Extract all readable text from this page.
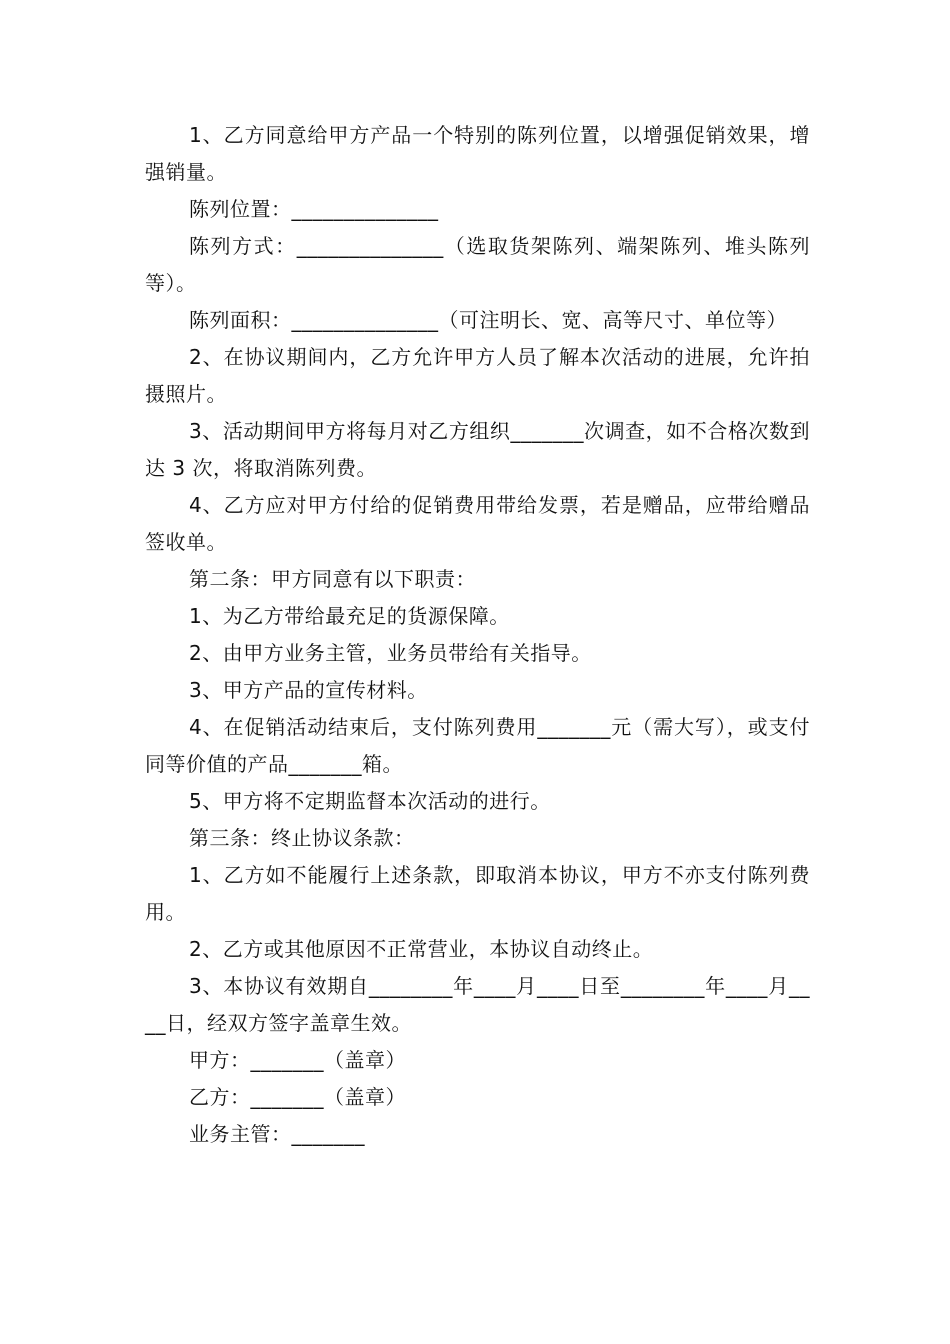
1、乙方同意给甲方产品一个特别的陈列位置，以增强促销效果，增强销量。

陈列位置：______________

陈列方式：______________（选取货架陈列、端架陈列、堆头陈列等）。

陈列面积：______________（可注明长、宽、高等尺寸、单位等）

2、在协议期间内，乙方允许甲方人员了解本次活动的进展，允许拍摄照片。

3、活动期间甲方将每月对乙方组织_______次调查，如不合格次数到达 3 次，将取消陈列费。

4、乙方应对甲方付给的促销费用带给发票，若是赠品，应带给赠品签收单。

第二条：甲方同意有以下职责：

1、为乙方带给最充足的货源保障。

2、由甲方业务主管，业务员带给有关指导。

3、甲方产品的宣传材料。

4、在促销活动结束后，支付陈列费用_______元（需大写），或支付同等价值的产品_______箱。

5、甲方将不定期监督本次活动的进行。

第三条：终止协议条款：

1、乙方如不能履行上述条款，即取消本协议，甲方不亦支付陈列费用。

2、乙方或其他原因不正常营业，本协议自动终止。

3、本协议有效期自________年____月____日至________年____月____日，经双方签字盖章生效。

甲方：_______（盖章）

乙方：_______（盖章）

业务主管：_______
